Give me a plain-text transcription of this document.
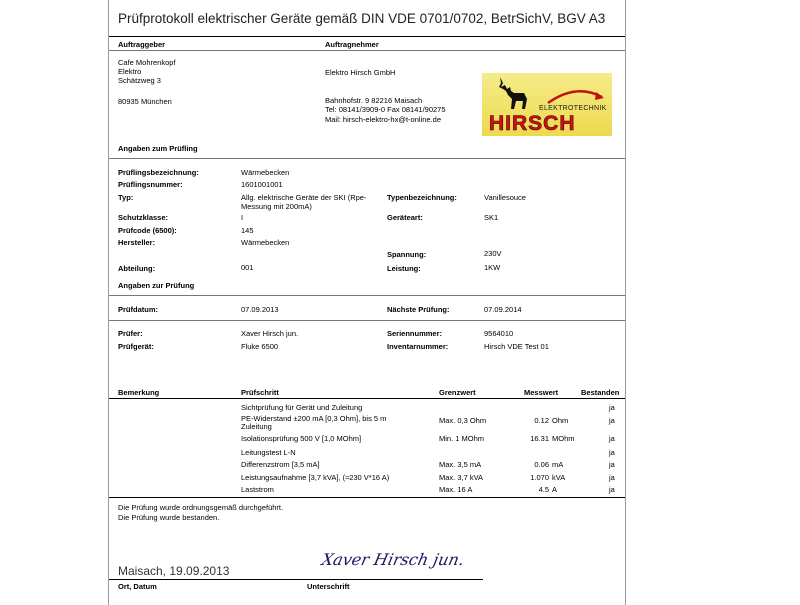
Prüfprotokoll elektrischer Geräte gemäß DIN VDE 0701/0702, BetrSichV, BGV A3
Auftraggeber	Auftragnehmer
Cafe Mohrenkopf
Elektro
Schätzweg 3
80935 München
Elektro Hirsch GmbH
Bahnhofstr. 9 82216 Maisach
Tel: 08141/3909-0 Fax 08141/90275
Mail: hirsch-elektro-hx@t-online.de
ELEKTROTECHNIK
HIRSCH
Angaben zum Prüfling
Prüflingsbezeichnung:	Wärmebecken
Prüflingsnummer:	1601001001
Typ:	Allg. elektrische Geräte der SKI (Rpe-Messung mit 200mA)
Schutzklasse:	I
Prüfcode (6500):	145
Hersteller:	Wärmebecken
Abteilung:	001
Typenbezeichnung:	Vanillesouce
Geräteart:	SK1
Spannung:	230V
Leistung:	1KW
Angaben zur Prüfung
Prüfdatum:	07.09.2013	Nächste Prüfung:	07.09.2014
Prüfer:	Xaver Hirsch jun.	Seriennummer:	9564010
Prüfgerät:	Fluke 6500	Inventarnummer:	Hirsch VDE Test 01
Bemerkung	Prüfschritt	Grenzwert	Messwert	Bestanden
Sichtprüfung für Gerät und Zuleitung	ja
PE-Widerstand ±200 mA [0,3 Ohm], bis 5 m Zuleitung
Max. 0,3 Ohm	0.12 Ohm	ja
Isolationsprüfung 500 V [1,0 MOhm]	Min. 1 MOhm	16.31 MOhm	ja
Leitungstest L-N	ja
Differenzstrom [3,5 mA]	Max. 3,5 mA	0.06 mA	ja
Leistungsaufnahme [3,7 kVA], (≈230 V*16 A)	Max. 3,7 kVA	1.070 kVA	ja
Laststrom	Max. 16 A	4.5 A	ja
Die Prüfung wurde ordnungsgemäß durchgeführt.
Die Prüfung wurde bestanden.
Xaver Hirsch jun.
Maisach, 19.09.2013
Ort, Datum	Unterschrift
